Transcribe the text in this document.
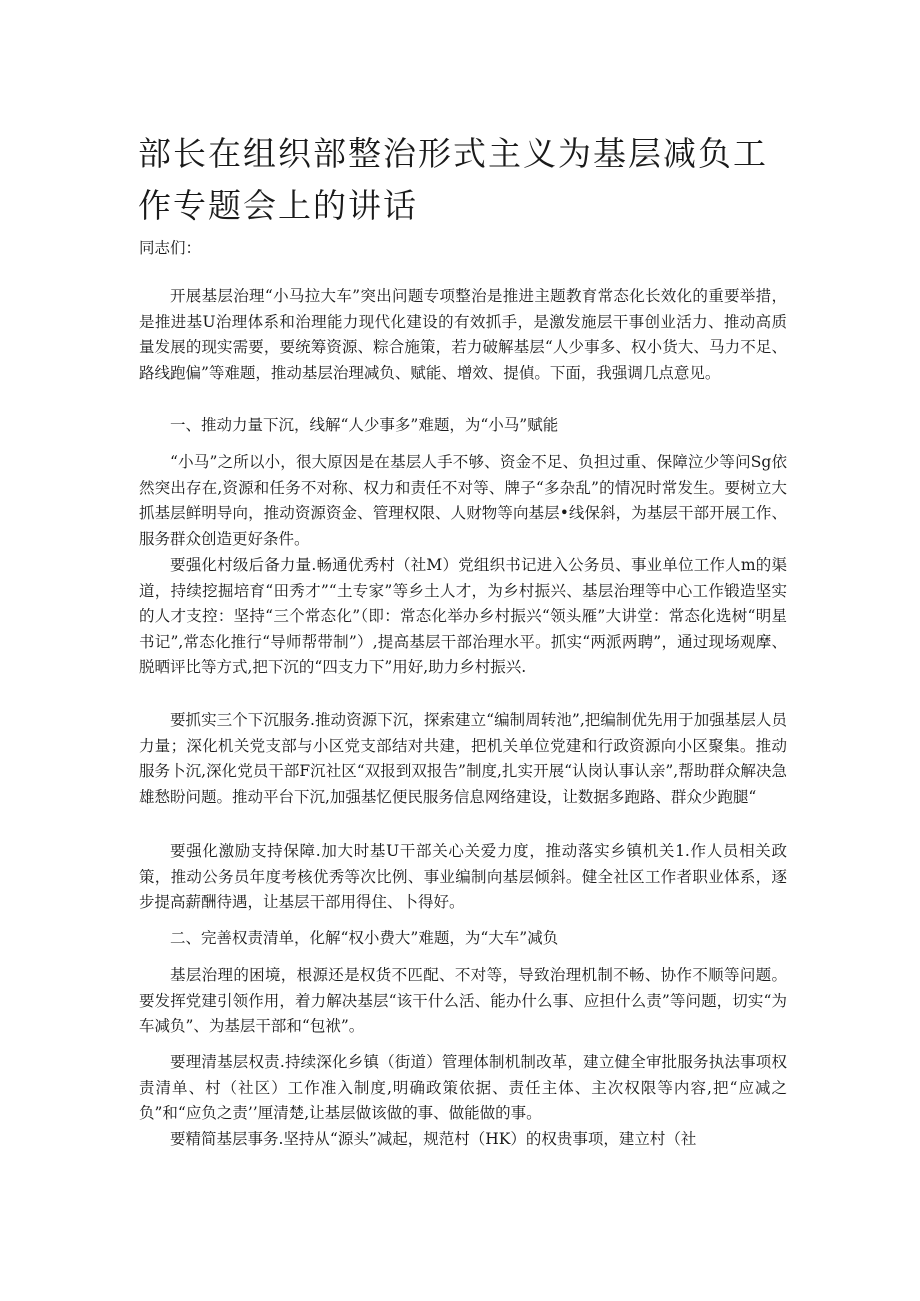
部长在组织部整治形式主义为基层减负工作专题会上的讲话

同志们：

开展基层治理“小马拉大车”突出问题专项整治是推进主题教育常态化长效化的重要举措，是推进基U治理体系和治理能力现代化建设的有效抓手，是激发施层干事创业活力、推动高质量发展的现实需要，要统筹资源、粽合施策，若力破解基层“人少事多、权小货大、马力不足、路线跑偏”等难题，推动基层治理减负、赋能、增效、提偵。下面，我强调几点意见。

一、推动力量下沉，线解“人少事多”难题，为“小马”赋能

“小马”之所以小，很大原因是在基层人手不够、资金不足、负担过重、保障泣少等问Sg依然突出存在,资源和任务不对称、权力和责任不对等、牌子“多杂乱”的情况时常发生。要树立大抓基层鲜明导向，推动资源资金、管理权限、人财物等向基层•线保斜，为基层干部开展工作、服务群众创造更好条件。

要强化村级后备力量.畅通优秀村（社M）党组织书记进入公务员、事业单位工作人m的渠道，持续挖掘培育“田秀才”“土专家”等乡土人才，为乡村振兴、基层治理等中心工作锻造坚实的人才支控：坚持“三个常态化”（即：常态化举办乡村振兴“领头雁”大讲堂：常态化选树“明星书记”,常态化推行“导师帮带制”）,提高基层干部治理水平。抓实“两派两聘”，通过现场观摩、脱晒评比等方式,把下沉的“四支力下”用好,助力乡村振兴.

要抓实三个下沉服务.推动资源下沉，探索建立“编制周转池”,把编制优先用于加强基层人员力量；深化机关党支部与小区党支部结对共建，把机关单位党建和行政资源向小区聚集。推动服务卜沉,深化党员干部F沉社区“双报到双报告”制度,扎实开展“认岗认事认亲”,帮助群众解决急雄愁盼问题。推动平台下沉,加强基忆便民服务信息网络建设，让数据多跑路、群众少跑腿“

要强化激励支持保障.加大时基U干部关心关爱力度，推动落实乡镇机关1.作人员相关政策，推动公务员年度考核优秀等次比例、事业编制向基层倾斜。健全社区工作者职业体系，逐步提高薪酬待遇，让基层干部用得住、卜得好。

二、完善权责清单，化解“权小费大”难题，为“大车”减负

基层治理的困境，根源还是权货不匹配、不对等，导致治理机制不畅、协作不顺等问题。要发挥党建引领作用，着力解决基层“该干什么活、能办什么事、应担什么责”等问题，切实“为车减负”、为基层干部和“包袱”。

要理清基层权责.持续深化乡镇（街道）管理体制机制改革，建立健全审批服务执法事项权责清单、村（社区）工作准入制度,明确政策依据、责任主体、主次权限等内容,把“应减之负”和“应负之责’’厘清楚,让基层做该做的事、做能做的事。

要精简基层事务.坚持从“源头”减起，规范村（HK）的权贵事项，建立村（社
